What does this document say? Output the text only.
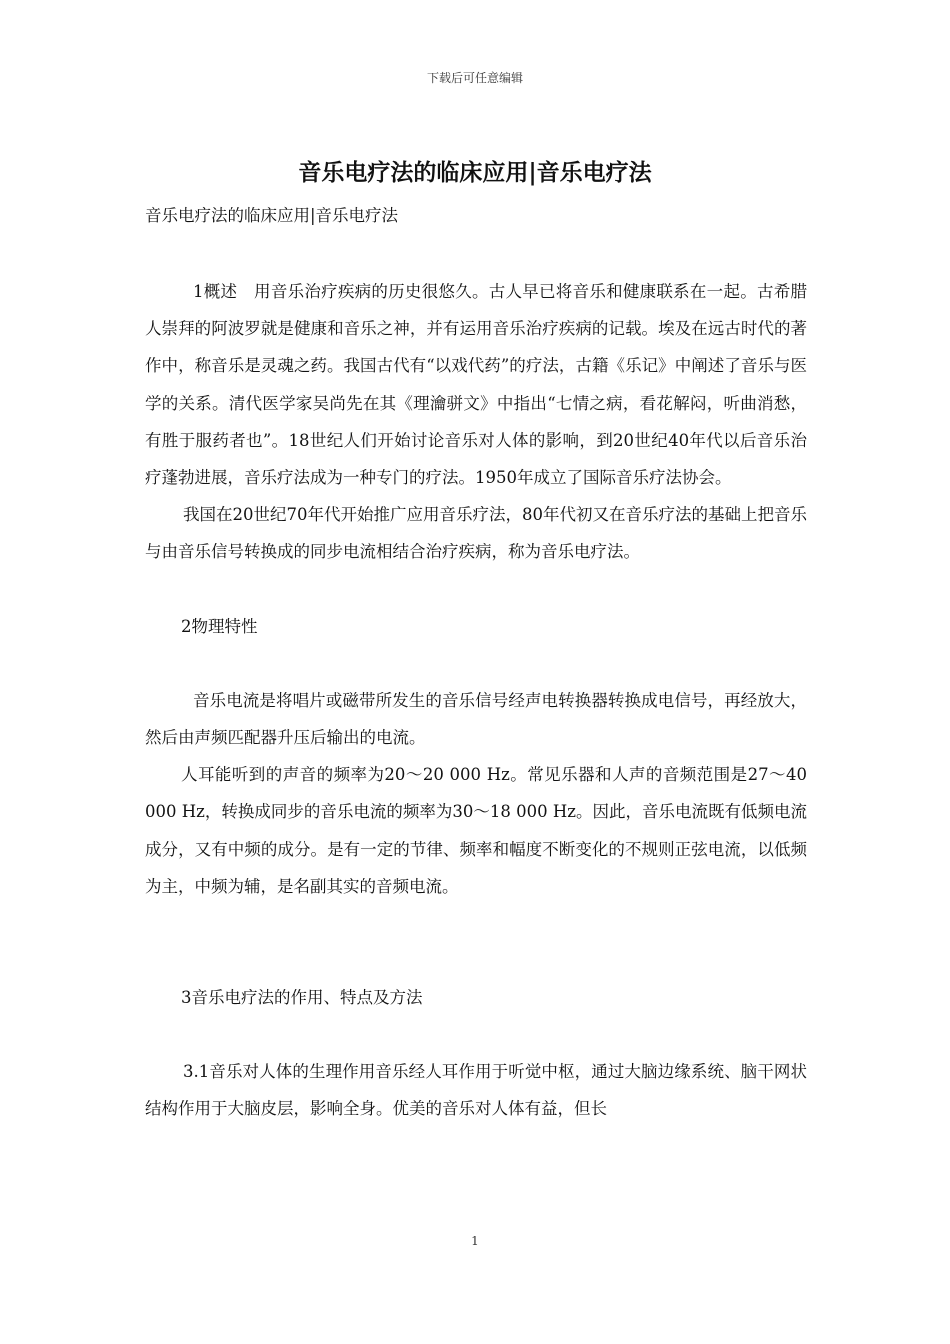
下载后可任意编辑
音乐电疗法的临床应用|音乐电疗法

音乐电疗法的临床应用|音乐电疗法

1概述　用音乐治疗疾病的历史很悠久。古人早已将音乐和健康联系在一起。古希腊人崇拜的阿波罗就是健康和音乐之神，并有运用音乐治疗疾病的记载。埃及在远古时代的著作中，称音乐是灵魂之药。我国古代有“以戏代药”的疗法，古籍《乐记》中阐述了音乐与医学的关系。清代医学家吴尚先在其《理瀹骈文》中指出“七情之病，看花解闷，听曲消愁，有胜于服药者也”。18世纪人们开始讨论音乐对人体的影响，到20世纪40年代以后音乐治疗蓬勃进展，音乐疗法成为一种专门的疗法。1950年成立了国际音乐疗法协会。

我国在20世纪70年代开始推广应用音乐疗法，80年代初又在音乐疗法的基础上把音乐与由音乐信号转换成的同步电流相结合治疗疾病，称为音乐电疗法。

2物理特性

音乐电流是将唱片或磁带所发生的音乐信号经声电转换器转换成电信号，再经放大，然后由声频匹配器升压后输出的电流。

人耳能听到的声音的频率为20～20 000 Hz。常见乐器和人声的音频范围是27～40 000 Hz，转换成同步的音乐电流的频率为30～18 000 Hz。因此，音乐电流既有低频电流成分，又有中频的成分。是有一定的节律、频率和幅度不断变化的不规则正弦电流，以低频为主，中频为辅，是名副其实的音频电流。

3音乐电疗法的作用、特点及方法

3.1音乐对人体的生理作用音乐经人耳作用于听觉中枢，通过大脑边缘系统、脑干网状结构作用于大脑皮层，影响全身。优美的音乐对人体有益，但长

1
